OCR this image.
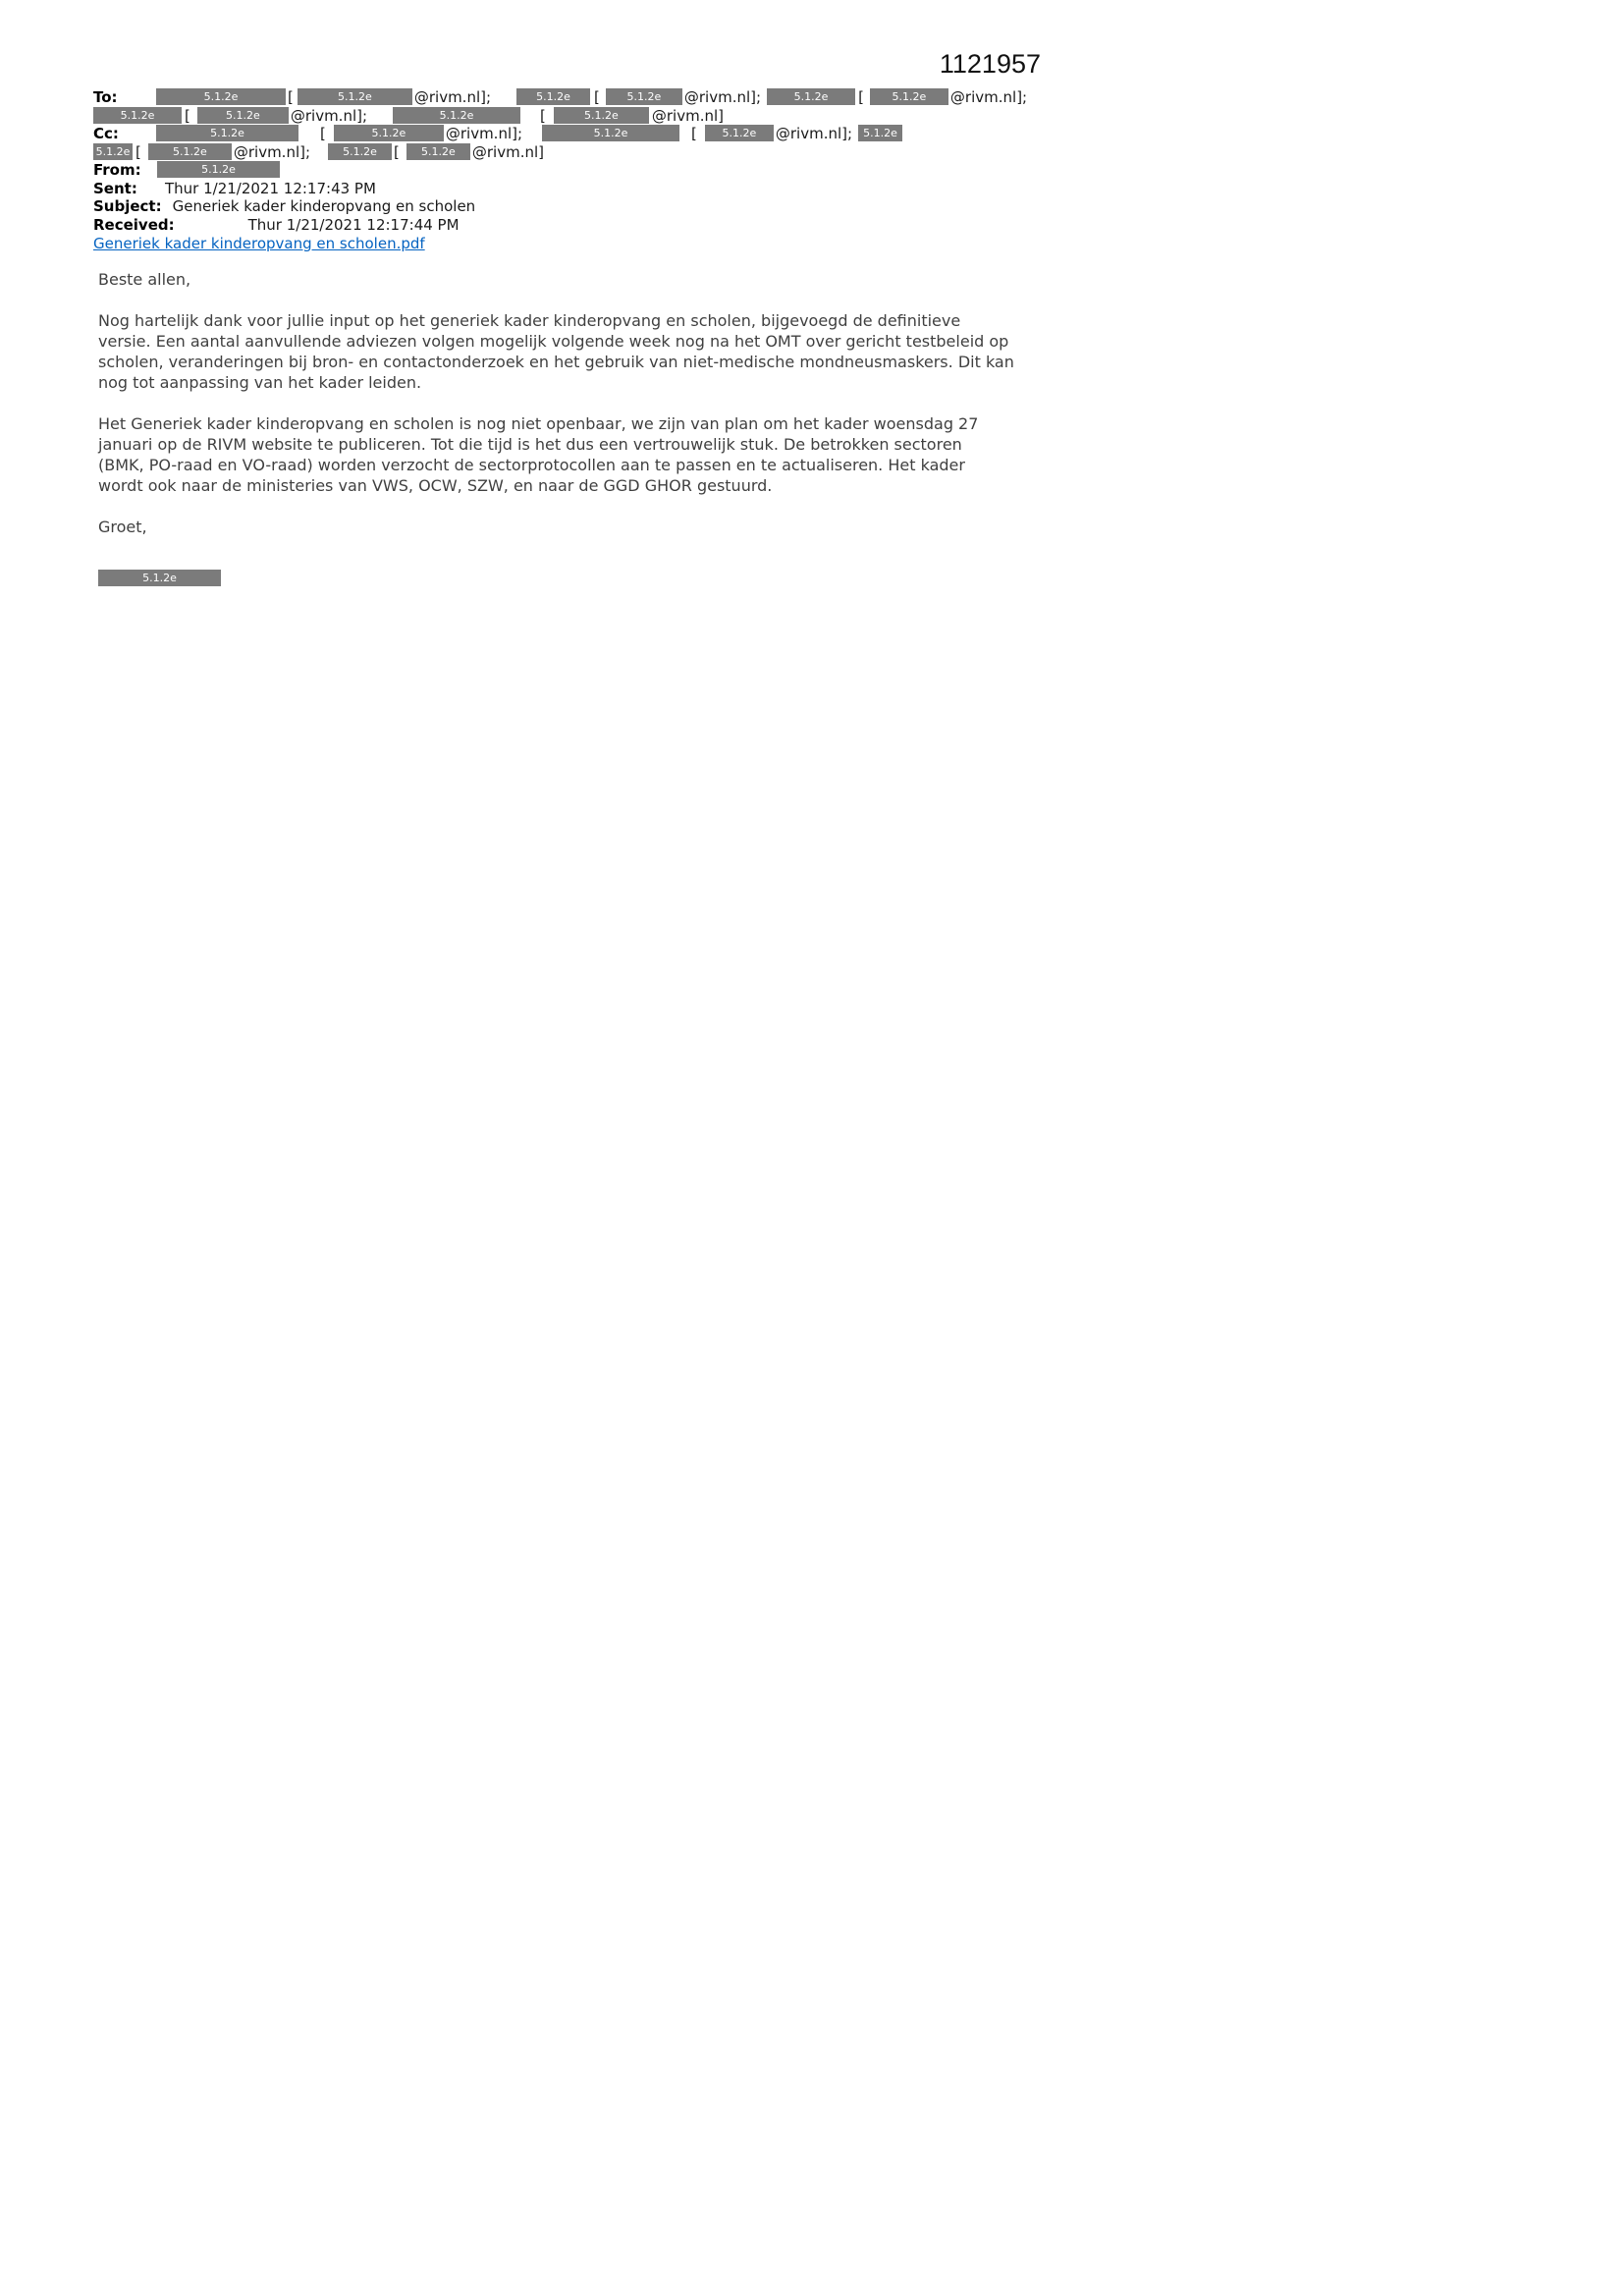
1121957
To:	5.1.2e	[	5.1.2e	@rivm.nl];	5.1.2e [	5.1.2e @rivm.nl];	5.1.2e [	5.1.2e @rivm.nl];
5.1.2e [	5.1.2e @rivm.nl];	5.1.2e	[	5.1.2e @rivm.nl]
Cc:	5.1.2e	[	5.1.2e	@rivm.nl];	5.1.2e	[ 5.1.2e @rivm.nl]; 5.1.2e
5.1.2e [	5.1.2e @rivm.nl];	5.1.2e [ 5.1.2e @rivm.nl]
From:	5.1.2e
Sent: Thur 1/21/2021 12:17:43 PM
Subject: Generiek kader kinderopvang en scholen
Received:	Thur 1/21/2021 12:17:44 PM
Generiek kader kinderopvang en scholen.pdf
Beste allen,
Nog hartelijk dank voor jullie input op het generiek kader kinderopvang en scholen, bijgevoegd de definitieve
versie. Een aantal aanvullende adviezen volgen mogelijk volgende week nog na het OMT over gericht testbeleid op
scholen, veranderingen bij bron- en contactonderzoek en het gebruik van niet-medische mondneusmaskers. Dit kan
nog tot aanpassing van het kader leiden.
Het Generiek kader kinderopvang en scholen is nog niet openbaar, we zijn van plan om het kader woensdag 27
januari op de RIVM website te publiceren. Tot die tijd is het dus een vertrouwelijk stuk. De betrokken sectoren
(BMK, PO-raad en VO-raad) worden verzocht de sectorprotocollen aan te passen en te actualiseren. Het kader
wordt ook naar de ministeries van VWS, OCW, SZW, en naar de GGD GHOR gestuurd.
Groet,
5.1.2e
